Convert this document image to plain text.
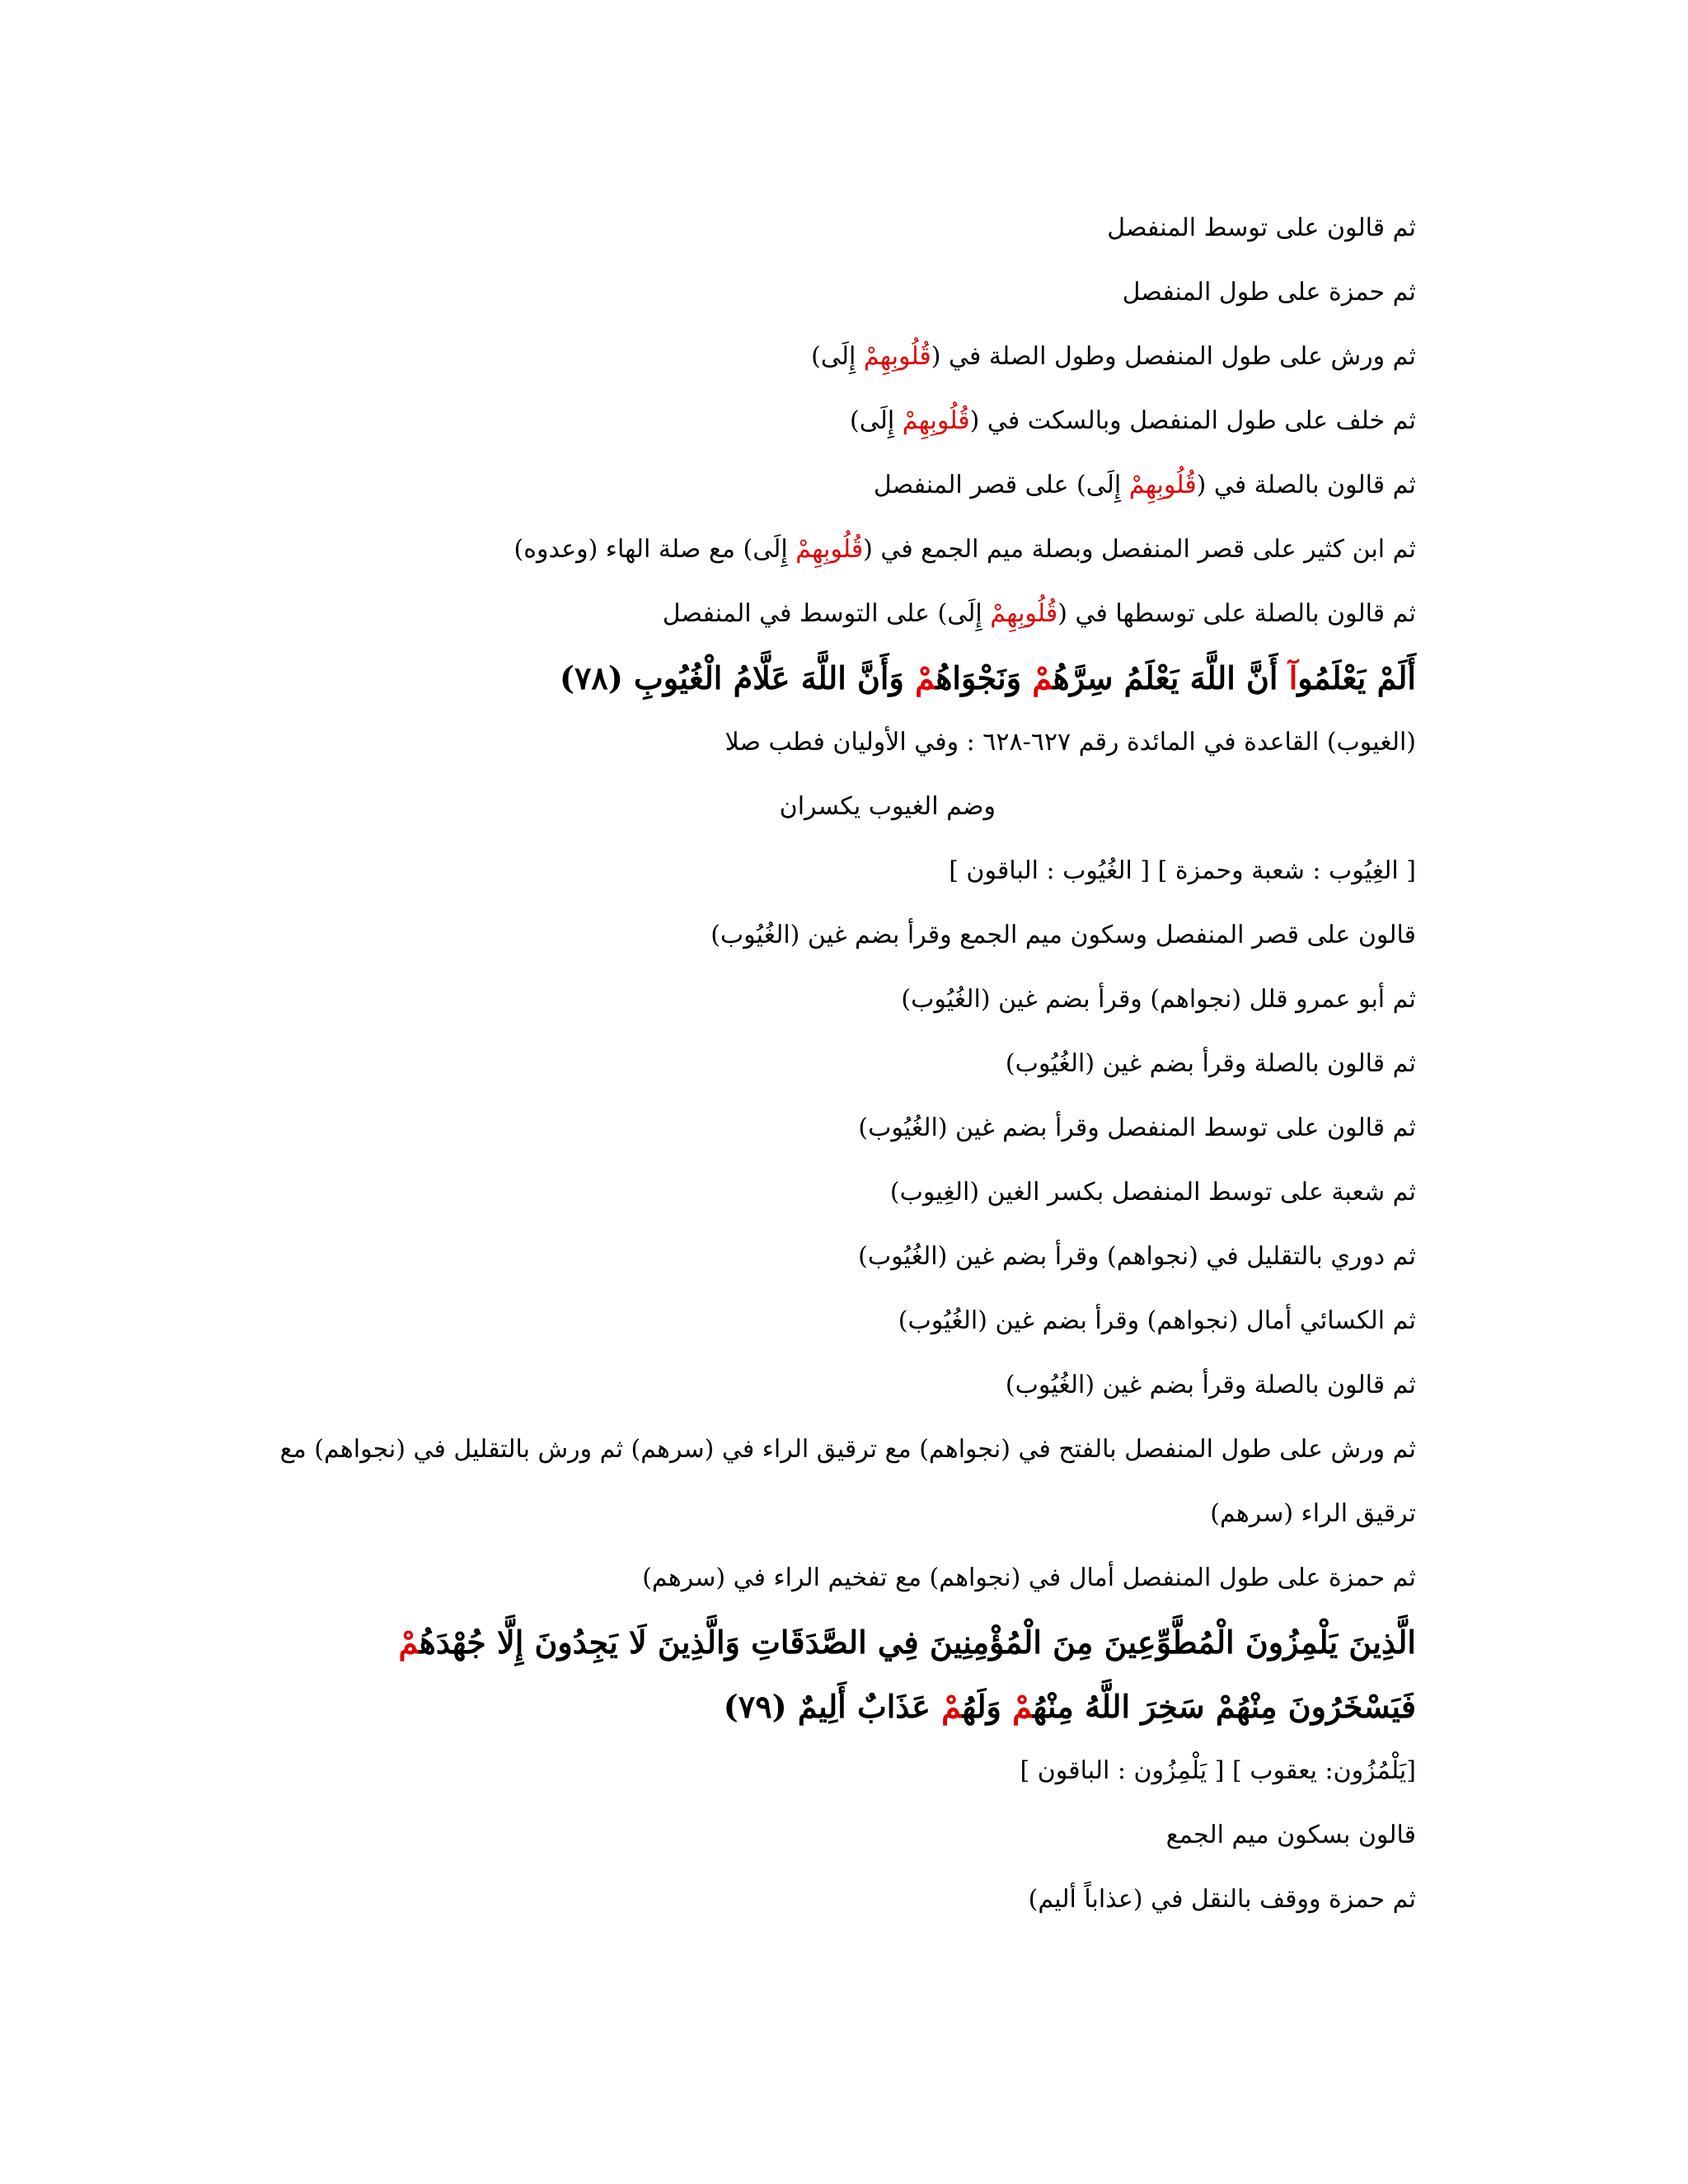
ثم قالون على توسط المنفصل
ثم حمزة على طول المنفصل
ثم ورش على طول المنفصل وطول الصلة في (قُلُوبِهِمْ إِلَى)
ثم خلف على طول المنفصل وبالسكت في (قُلُوبِهِمْ إِلَى)
ثم قالون بالصلة في (قُلُوبِهِمْ إِلَى) على قصر المنفصل
ثم ابن كثير على قصر المنفصل وبصلة ميم الجمع في (قُلُوبِهِمْ إِلَى) مع صلة الهاء (وعدوه)
ثم قالون بالصلة على توسطها في (قُلُوبِهِمْ إِلَى) على التوسط في المنفصل
أَلَمْ يَعْلَمُوآ أَنَّ اللَّهَ يَعْلَمُ سِرَّهُمْ وَنَجْوَاهُمْ وَأَنَّ اللَّهَ عَلَّامُ الْغُيُوبِ (٧٨)
(الغيوب) القاعدة في المائدة رقم ٦٢٧-٦٢٨ : وفي الأوليان فطب صلا
وضم الغيوب يكسران
[ الغِيُوب : شعبة وحمزة ] [ الغُيُوب : الباقون ]
قالون على قصر المنفصل وسكون ميم الجمع وقرأ بضم غين (الغُيُوب)
ثم أبو عمرو قلل (نجواهم) وقرأ بضم غين (الغُيُوب)
ثم قالون بالصلة وقرأ بضم غين (الغُيُوب)
ثم قالون على توسط المنفصل وقرأ بضم غين (الغُيُوب)
ثم شعبة على توسط المنفصل بكسر الغين (الغِيوب)
ثم دوري بالتقليل في (نجواهم) وقرأ بضم غين (الغُيُوب)
ثم الكسائي أمال (نجواهم) وقرأ بضم غين (الغُيُوب)
ثم قالون بالصلة وقرأ بضم غين (الغُيُوب)
ثم ورش على طول المنفصل بالفتح في (نجواهم) مع ترقيق الراء في (سرهم) ثم ورش بالتقليل في (نجواهم) مع ترقيق الراء (سرهم)
ثم حمزة على طول المنفصل أمال في (نجواهم) مع تفخيم الراء في (سرهم)
الَّذِينَ يَلْمِزُونَ الْمُطَّوِّعِينَ مِنَ الْمُؤْمِنِينَ فِي الصَّدَقَاتِ وَالَّذِينَ لَا يَجِدُونَ إِلَّا جُهْدَهُمْ فَيَسْخَرُونَ مِنْهُمْ سَخِرَ اللَّهُ مِنْهُمْ وَلَهُمْ عَذَابٌ أَلِيمٌ (٧٩)
[يَلْمُزُون: يعقوب ] [ يَلْمِزُون : الباقون ]
قالون بسكون ميم الجمع
ثم حمزة ووقف بالنقل في (عذاباً أليم)
